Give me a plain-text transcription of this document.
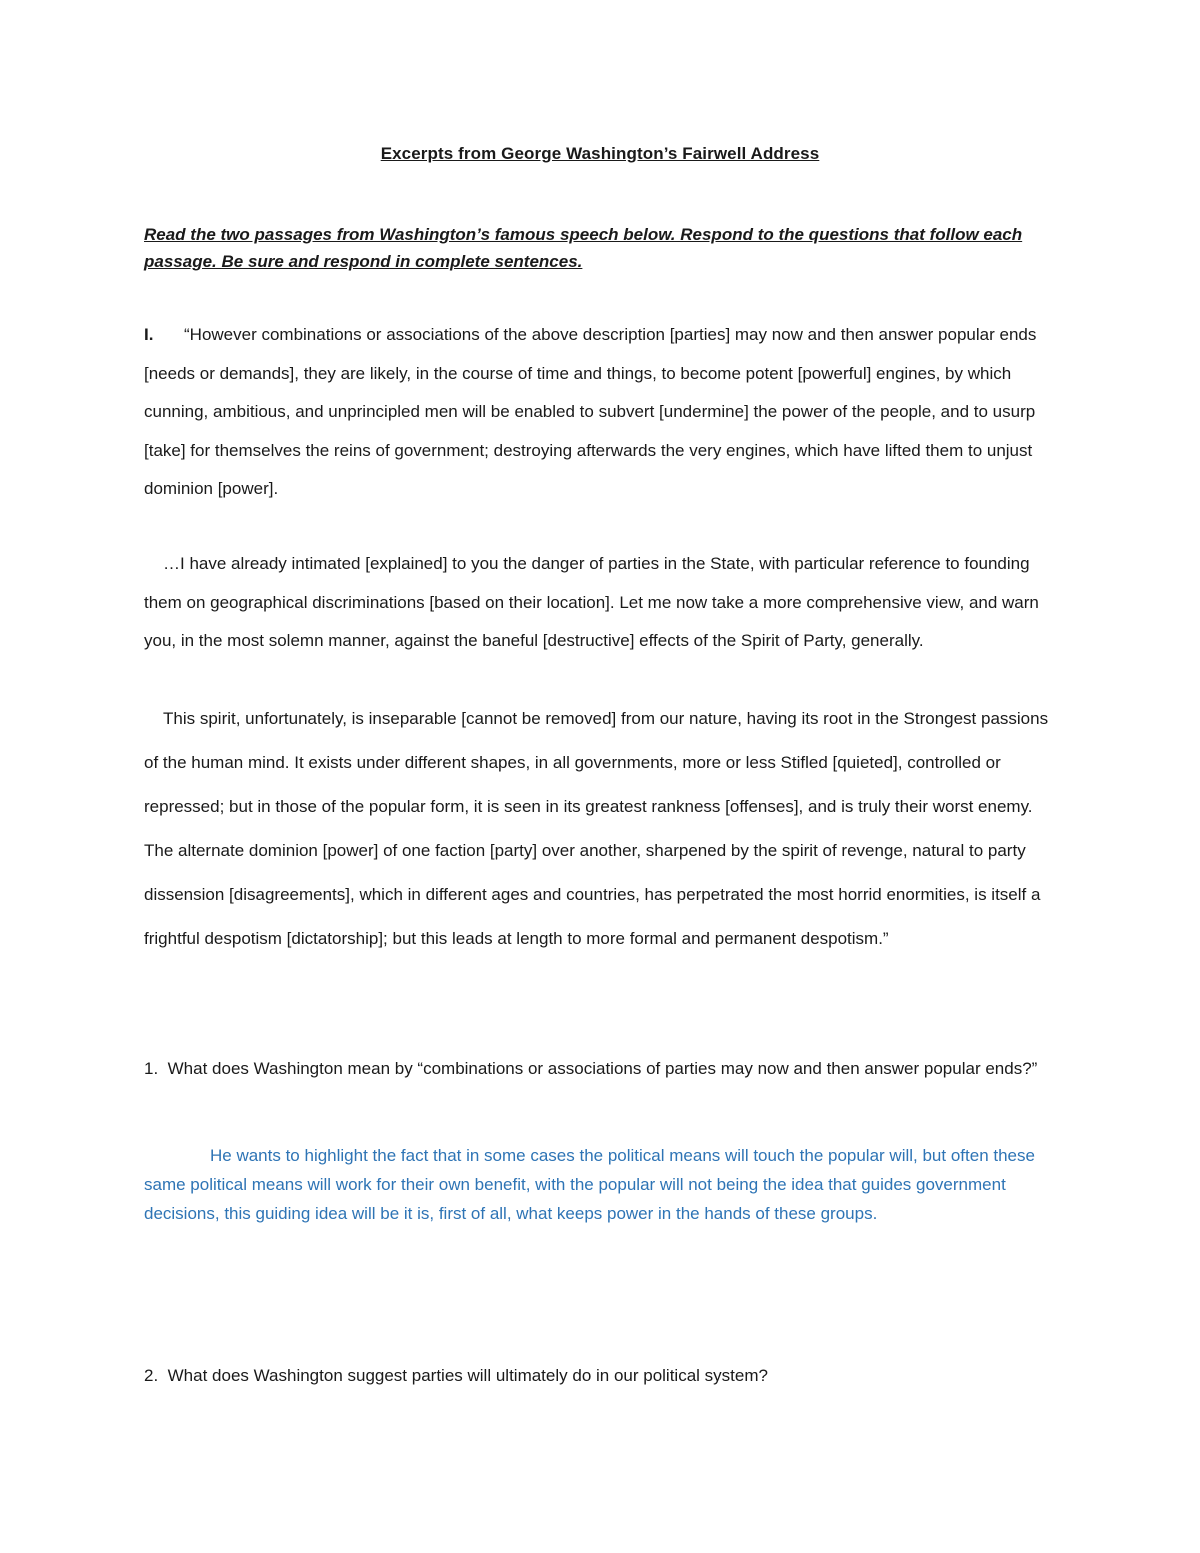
Excerpts from George Washington’s Fairwell Address
Read the two passages from Washington’s famous speech below. Respond to the questions that follow each passage. Be sure and respond in complete sentences.

I. “However combinations or associations of the above description [parties] may now and then answer popular ends [needs or demands], they are likely, in the course of time and things, to become potent [powerful] engines, by which cunning, ambitious, and unprincipled men will be enabled to subvert [undermine] the power of the people, and to usurp [take] for themselves the reins of government; destroying afterwards the very engines, which have lifted them to unjust dominion [power].

…I have already intimated [explained] to you the danger of parties in the State, with particular reference to founding them on geographical discriminations [based on their location]. Let me now take a more comprehensive view, and warn you, in the most solemn manner, against the baneful [destructive] effects of the Spirit of Party, generally.

This spirit, unfortunately, is inseparable [cannot be removed] from our nature, having its root in the Strongest passions of the human mind. It exists under different shapes, in all governments, more or less Stifled [quieted], controlled or repressed; but in those of the popular form, it is seen in its greatest rankness [offenses], and is truly their worst enemy. The alternate dominion [power] of one faction [party] over another, sharpened by the spirit of revenge, natural to party dissension [disagreements], which in different ages and countries, has perpetrated the most horrid enormities, is itself a frightful despotism [dictatorship]; but this leads at length to more formal and permanent despotism.”

1. What does Washington mean by “combinations or associations of parties may now and then answer popular ends?”

He wants to highlight the fact that in some cases the political means will touch the popular will, but often these same political means will work for their own benefit, with the popular will not being the idea that guides government decisions, this guiding idea will be it is, first of all, what keeps power in the hands of these groups.

2. What does Washington suggest parties will ultimately do in our political system?
